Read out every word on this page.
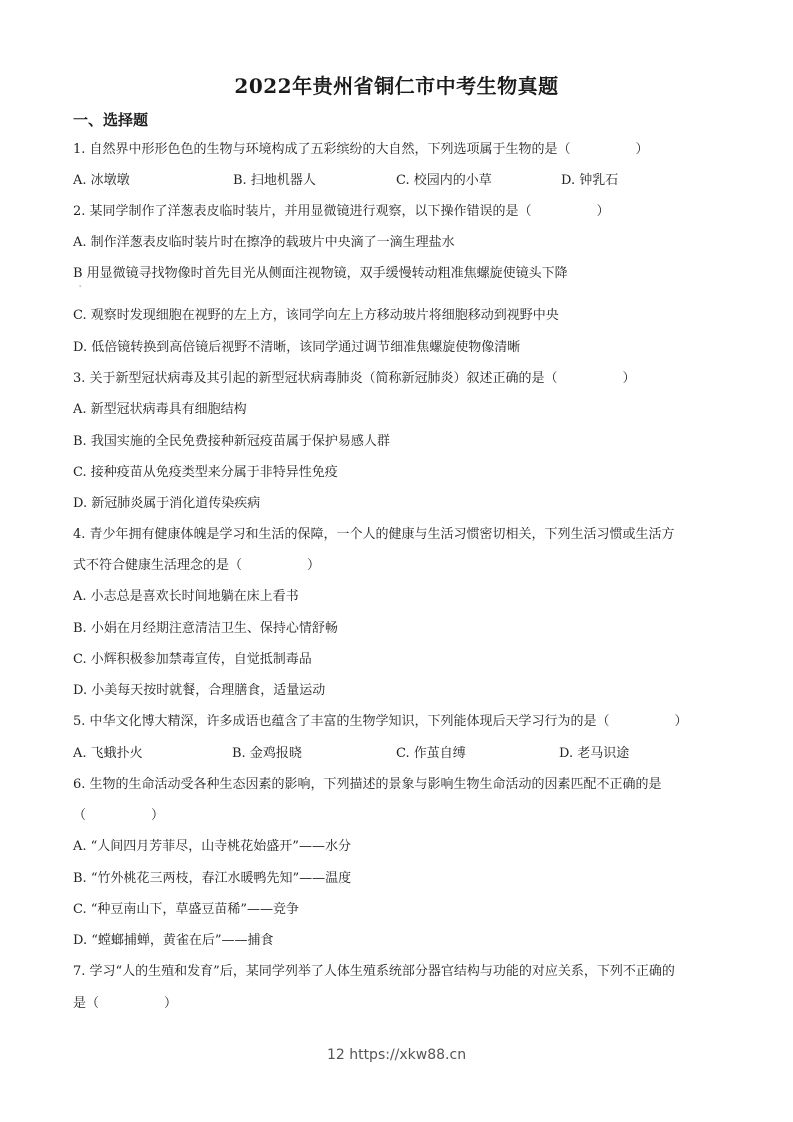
2022年贵州省铜仁市中考生物真题
一、选择题
1. 自然界中形形色色的生物与环境构成了五彩缤纷的大自然，下列选项属于生物的是（　　　　　）
A. 冰墩墩	B. 扫地机器人	C. 校园内的小草	D. 钟乳石
2. 某同学制作了洋葱表皮临时装片，并用显微镜进行观察，以下操作错误的是（　　　　　）
A. 制作洋葱表皮临时装片时在擦净的载玻片中央滴了一滴生理盐水
B 用显微镜寻找物像时首先目光从侧面注视物镜，双手缓慢转动粗准焦螺旋使镜头下降
'
C. 观察时发现细胞在视野的左上方，该同学向左上方移动玻片将细胞移动到视野中央
D. 低倍镜转换到高倍镜后视野不清晰，该同学通过调节细准焦螺旋使物像清晰
3. 关于新型冠状病毒及其引起的新型冠状病毒肺炎（简称新冠肺炎）叙述正确的是（　　　　　）
A. 新型冠状病毒具有细胞结构
B. 我国实施的全民免费接种新冠疫苗属于保护易感人群
C. 接种疫苗从免疫类型来分属于非特异性免疫
D. 新冠肺炎属于消化道传染疾病
4. 青少年拥有健康体魄是学习和生活的保障，一个人的健康与生活习惯密切相关，下列生活习惯或生活方
式不符合健康生活理念的是（　　　　　）
A. 小志总是喜欢长时间地躺在床上看书
B. 小娟在月经期注意清洁卫生、保持心情舒畅
C. 小辉积极参加禁毒宣传，自觉抵制毒品
D. 小美每天按时就餐，合理膳食，适量运动
5. 中华文化博大精深，许多成语也蕴含了丰富的生物学知识，下列能体现后天学习行为的是（　　　　　）
A. 飞蛾扑火	B. 金鸡报晓	C. 作茧自缚	D. 老马识途
6. 生物的生命活动受各种生态因素的影响，下列描述的景象与影响生物生命活动的因素匹配不正确的是
（　　　　　）
A. “人间四月芳菲尽，山寺桃花始盛开”——水分
B. “竹外桃花三两枝，春江水暖鸭先知”——温度
C. “种豆南山下，草盛豆苗稀”——竞争
D. “螳螂捕蝉，黄雀在后”——捕食
7. 学习“人的生殖和发育”后，某同学列举了人体生殖系统部分器官结构与功能的对应关系，下列不正确的
是（　　　　　）
12 https://xkw88.cn
